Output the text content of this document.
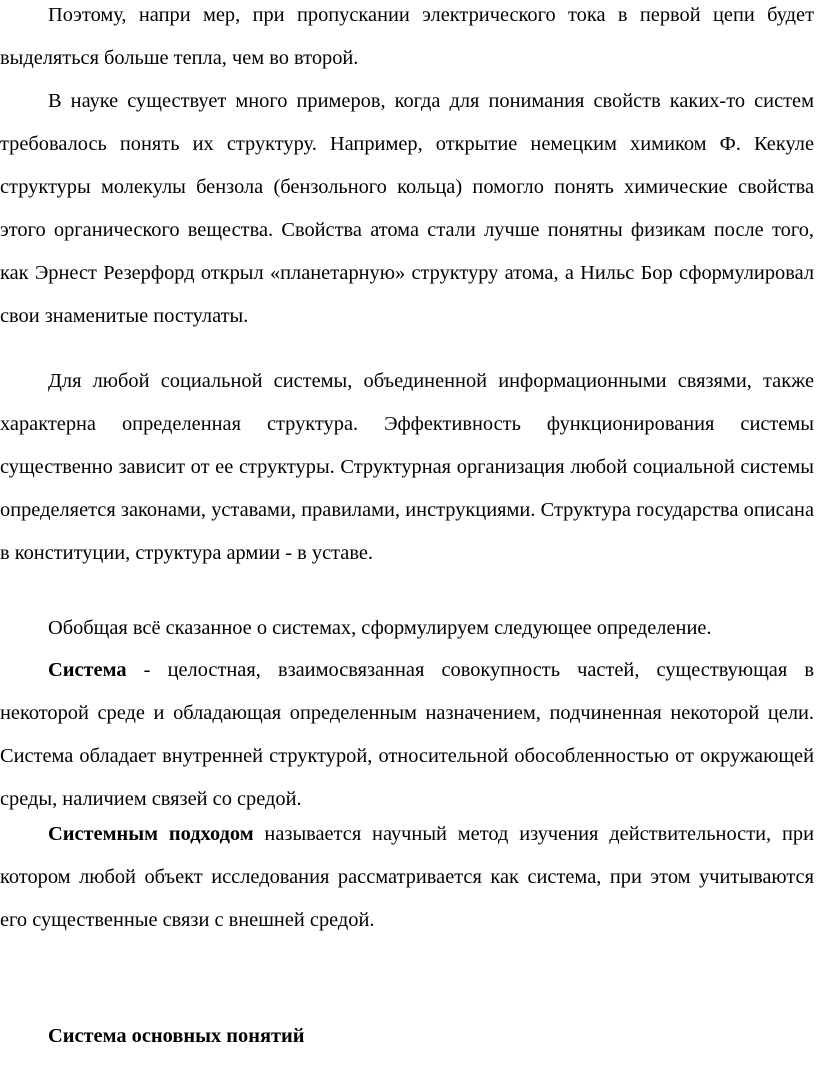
Поэтому, напри мер, при пропускании электрического тока в первой цепи будет выделяться больше тепла, чем во второй.

В науке существует много примеров, когда для понимания свойств каких-то систем требовалось понять их структуру. Например, открытие немецким химиком Ф. Кекуле структуры молекулы бензола (бензольного кольца) помогло понять химические свойства этого органического вещества. Свойства атома стали лучше понятны физикам после того, как Эрнест Резерфорд открыл «планетарную» структуру атома, а Нильс Бор сформулировал свои знаменитые постулаты.

Для любой социальной системы, объединенной информационными связями, также характерна определенная структура. Эффективность функционирования системы существенно зависит от ее структуры. Структурная организация любой социальной системы определяется законами, уставами, правилами, инструкциями. Структура государства описана в конституции, структура армии - в уставе.

Обобщая всё сказанное о системах, сформулируем следующее определение.

Система - целостная, взаимосвязанная совокупность частей, существующая в некоторой среде и обладающая определенным назначением, подчиненная некоторой цели. Система обладает внутренней структурой, относительной обособленностью от окружающей среды, наличием связей со средой.

Системным подходом называется научный метод изучения действительности, при котором любой объект исследования рассматривается как система, при этом учитываются его существенные связи с внешней средой.

Система основных понятий
